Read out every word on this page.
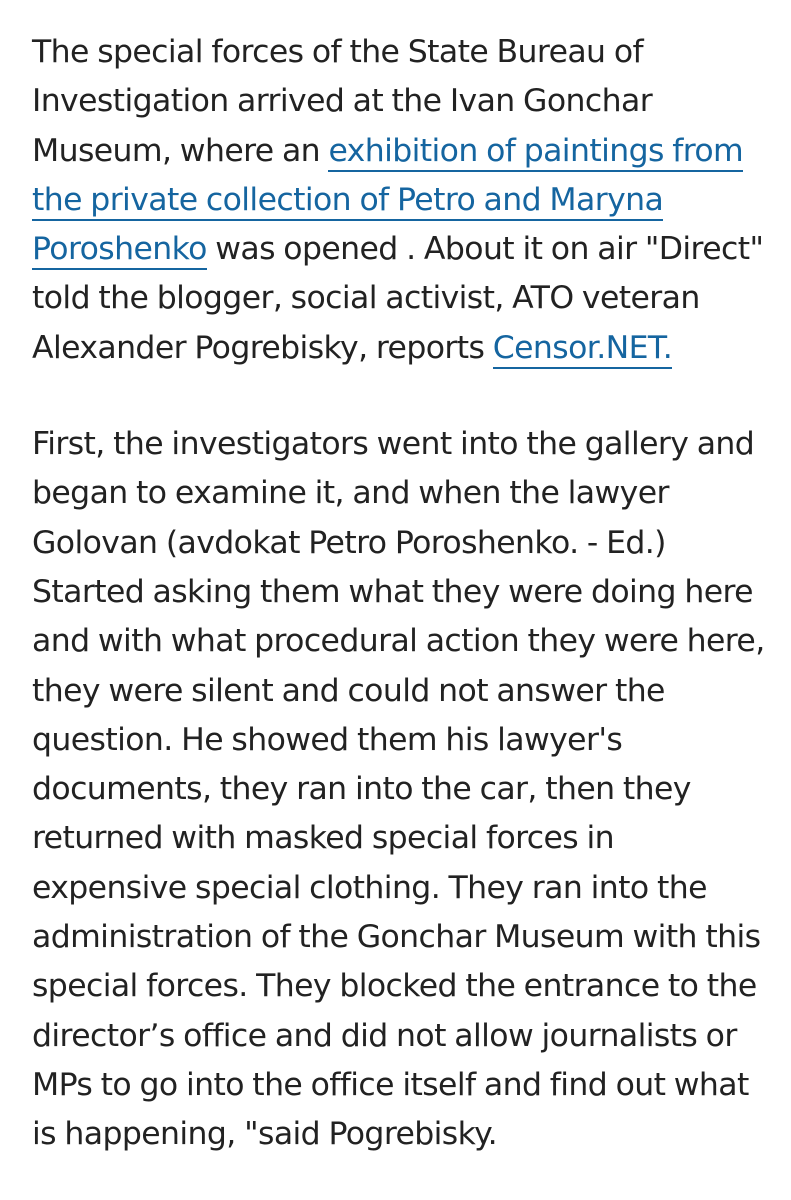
The special forces of the State Bureau of Investigation arrived at the Ivan Gonchar Museum, where an exhibition of paintings from the private collection of Petro and Maryna Poroshenko was opened . About it on air "Direct" told the blogger, social activist, ATO veteran Alexander Pogrebisky, reports Censor.NET.

First, the investigators went into the gallery and began to examine it, and when the lawyer Golovan (avdokat Petro Poroshenko. - Ed.) Started asking them what they were doing here and with what procedural action they were here, they were silent and could not answer the question. He showed them his lawyer's documents, they ran into the car, then they returned with masked special forces in expensive special clothing. They ran into the administration of the Gonchar Museum with this special forces. They blocked the entrance to the director’s office and did not allow journalists or MPs to go into the office itself and find out what is happening, "said Pogrebisky.
